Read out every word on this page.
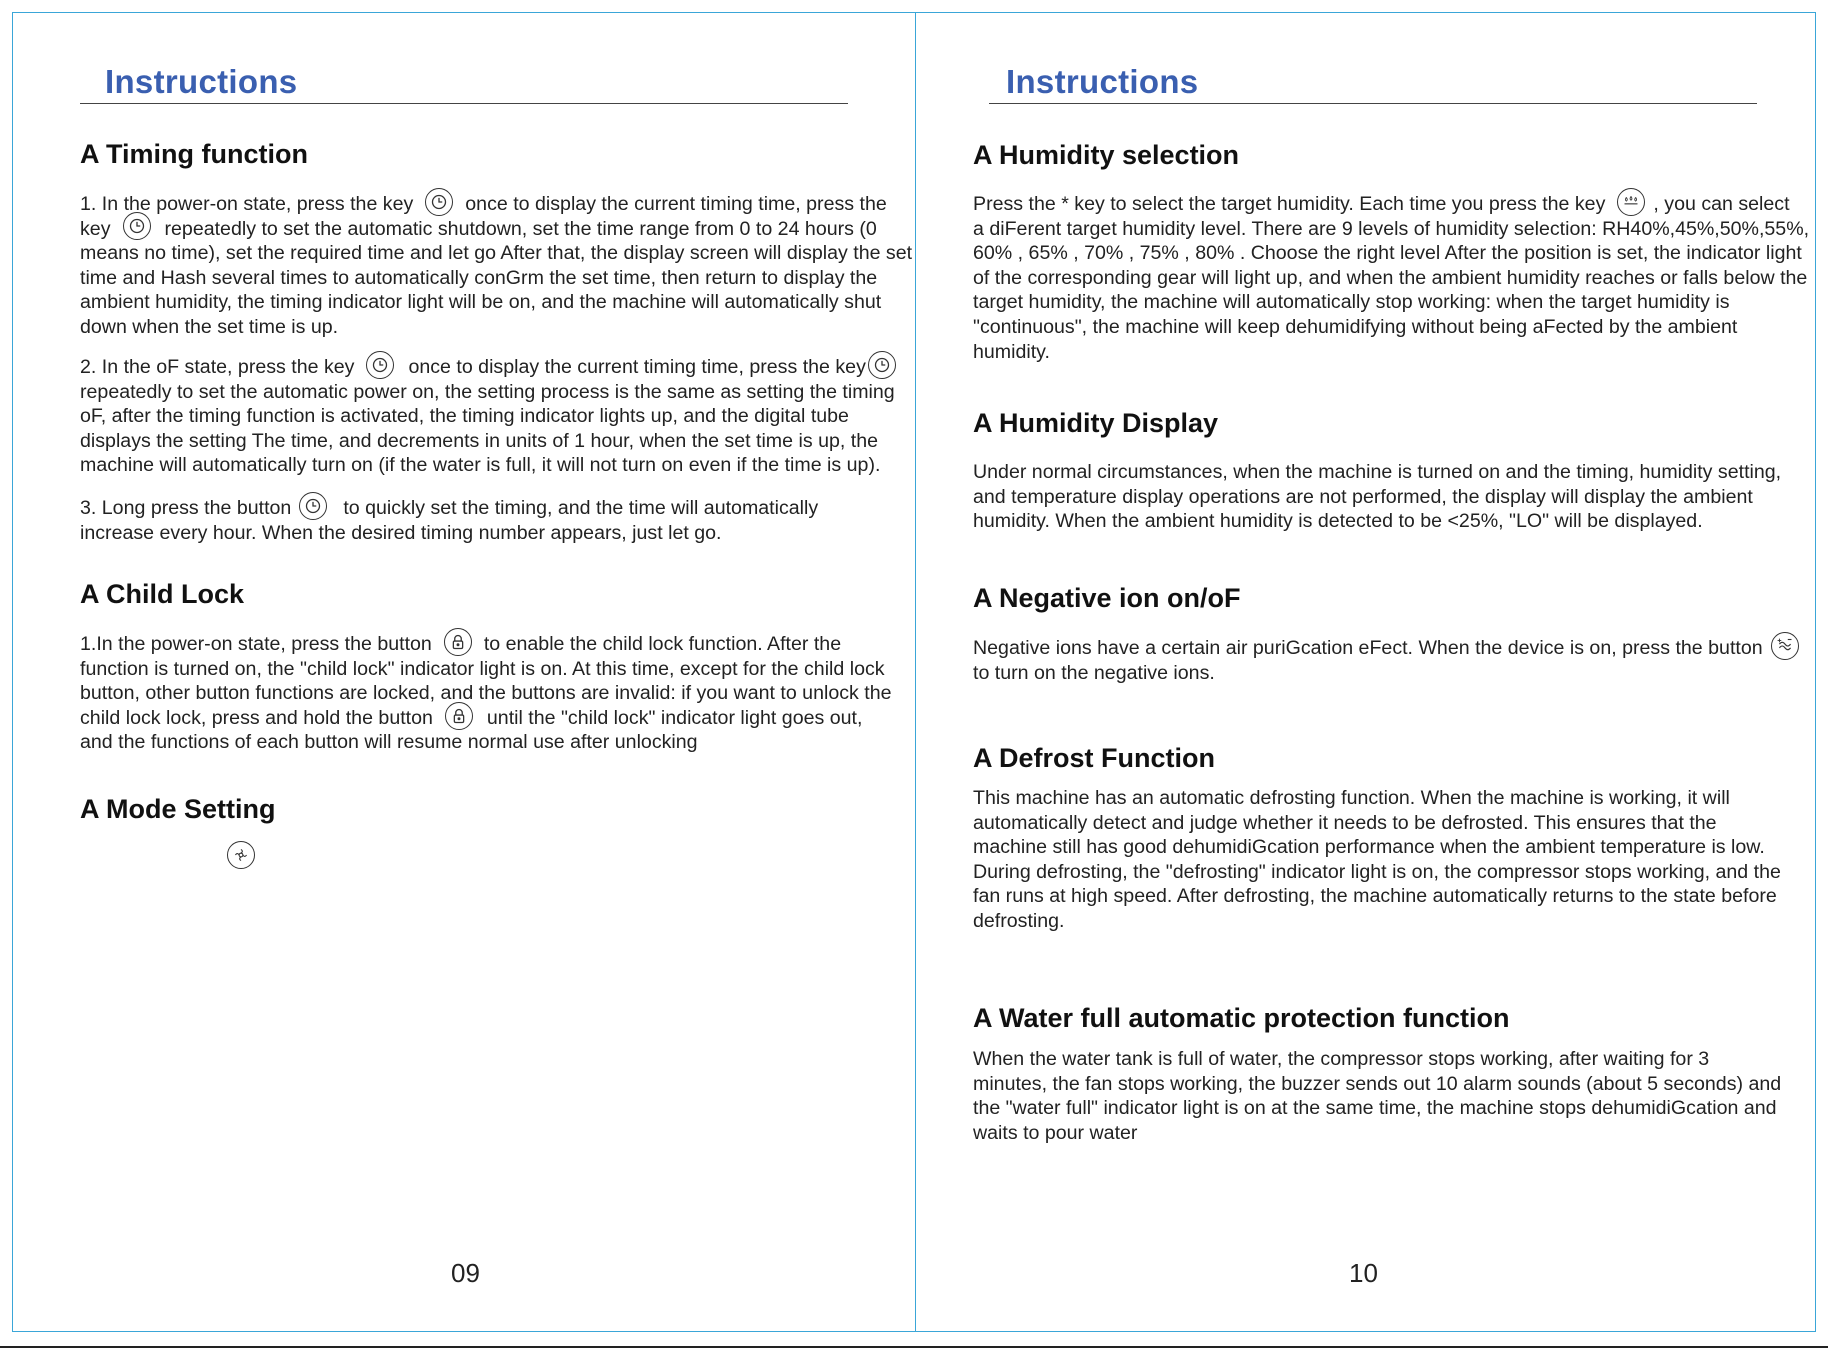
Instructions
A Timing function
1. In the power-on state, press the key	once to display the current timing time, press the
key	repeatedly to set the automatic shutdown, set the time range from 0 to 24 hours (0
means no time), set the required time and let go After that, the display screen will display the set
time and Hash several times to automatically conGrm the set time, then return to display the
ambient humidity, the timing indicator light will be on, and the machine will automatically shut
down when the set time is up.
2. In the oF state, press the key	once to display the current timing time, press the key
repeatedly to set the automatic power on, the setting process is the same as setting the timing
oF, after the timing function is activated, the timing indicator lights up, and the digital tube
displays the setting The time, and decrements in units of 1 hour, when the set time is up, the
machine will automatically turn on (if the water is full, it will not turn on even if the time is up).
3. Long press the button	to quickly set the timing, and the time will automatically
increase every hour. When the desired timing number appears, just let go.
A Child Lock
1.In the power-on state, press the button	to enable the child lock function. After the
function is turned on, the "child lock" indicator light is on. At this time, except for the child lock
button, other button functions are locked, and the buttons are invalid: if you want to unlock the
child lock lock, press and hold the button	until the "child lock" indicator light goes out,
and the functions of each button will resume normal use after unlocking
A Mode Setting
09
Instructions
A Humidity selection
Press the * key to select the target humidity. Each time you press the key , you can select
a diFerent target humidity level. There are 9 levels of humidity selection: RH40%,45%,50%,55%,
60% , 65% , 70% , 75% , 80% . Choose the right level After the position is set, the indicator light
of the corresponding gear will light up, and when the ambient humidity reaches or falls below the
target humidity, the machine will automatically stop working: when the target humidity is
"continuous", the machine will keep dehumidifying without being aFected by the ambient
humidity.
A Humidity Display
Under normal circumstances, when the machine is turned on and the timing, humidity setting,
and temperature display operations are not performed, the display will display the ambient
humidity. When the ambient humidity is detected to be <25%, "LO" will be displayed.
A Negative ion on/oF
Negative ions have a certain air puriGcation eFect. When the device is on, press the button
to turn on the negative ions.
A Defrost Function
This machine has an automatic defrosting function. When the machine is working, it will
automatically detect and judge whether it needs to be defrosted. This ensures that the
machine still has good dehumidiGcation performance when the ambient temperature is low.
During defrosting, the "defrosting" indicator light is on, the compressor stops working, and the
fan runs at high speed. After defrosting, the machine automatically returns to the state before
defrosting.
A Water full automatic protection function
When the water tank is full of water, the compressor stops working, after waiting for 3
minutes, the fan stops working, the buzzer sends out 10 alarm sounds (about 5 seconds) and
the "water full" indicator light is on at the same time, the machine stops dehumidiGcation and
waits to pour water
10
